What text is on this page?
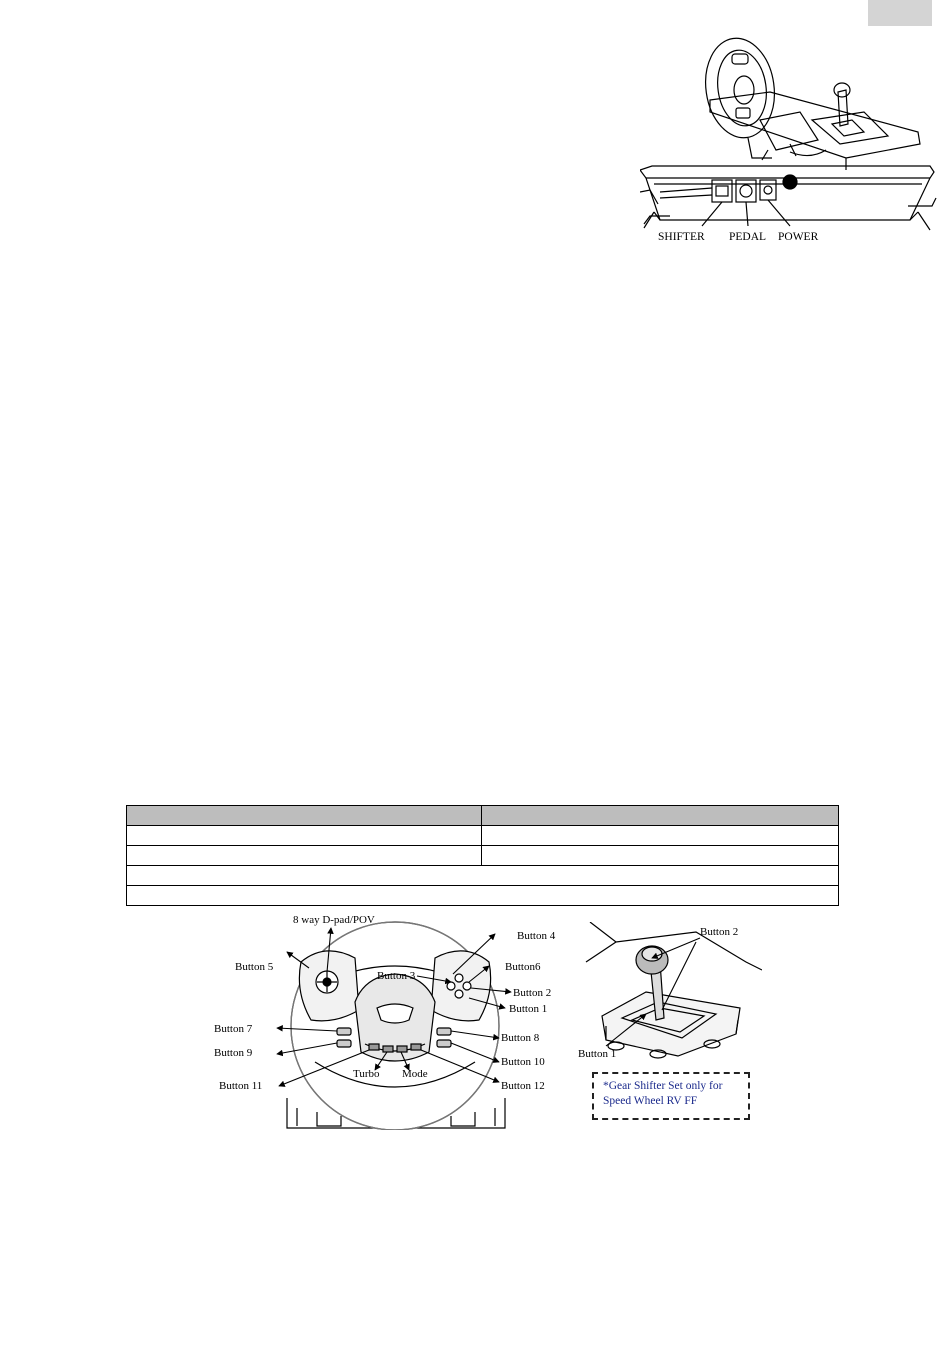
SHIFTER PEDAL POWER

8 way D-pad/POV
Button 4
Button 5
Button 3
Button6
Button 2
Button 1
Button 7
Button 8
Button 9
Button 10
Button 11	Button 12
Turbo Mode
Button 2
Button 1
*Gear Shifter Set only for
Speed Wheel RV FF
